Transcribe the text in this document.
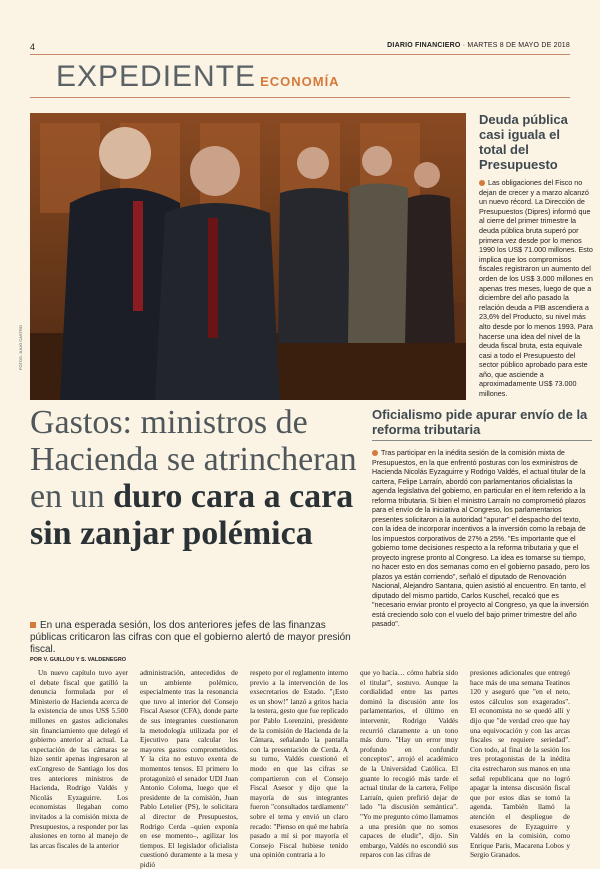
4	DIARIO FINANCIERO · MARTES 8 DE MAYO DE 2018
EXPEDIENTE ECONOMÍA
FOTOS: JULIO CASTRO
Deuda pública casi iguala el total del Presupuesto
Las obligaciones del Fisco no dejan de crecer y a marzo alcanzó un nuevo récord. La Dirección de Presupuestos (Dipres) informó que al cierre del primer trimestre la deuda pública bruta superó por primera vez desde por lo menos 1990 los US$ 71.000 millones. Esto implica que los compromisos fiscales registraron un aumento del orden de los US$ 3.000 millones en apenas tres meses, luego de que a diciembre del año pasado la relación deuda a PIB ascendiera a 23,6% del Producto, su nivel más alto desde por lo menos 1993. Para hacerse una idea del nivel de la deuda fiscal bruta, esta equivale casi a todo el Presupuesto del sector público aprobado para este año, que asciende a aproximadamente US$ 73.000 millones.
Gastos: ministros de Hacienda se atrincheran en un duro cara a cara sin zanjar polémica
Oficialismo pide apurar envío de la reforma tributaria
Tras participar en la inédita sesión de la comisión mixta de Presupuestos, en la que enfrentó posturas con los exministros de Hacienda Nicolás Eyzaguirre y Rodrigo Valdés, el actual titular de la cartera, Felipe Larraín, abordó con parlamentarios oficialistas la agenda legislativa del gobierno, en particular en el ítem referido a la reforma tributaria. Si bien el ministro Larraín no comprometió plazos para el envío de la iniciativa al Congreso, los parlamentarios presentes solicitaron a la autoridad "apurar" el despacho del texto, con la idea de incorporar incentivos a la inversión como la rebaja de los impuestos corporativos de 27% a 25%. "Es importante que el gobierno tome decisiones respecto a la reforma tributaria y que el proyecto ingrese pronto al Congreso. La idea es tomarse su tiempo, no hacer esto en dos semanas como en el gobierno pasado, pero los plazos ya están corriendo", señaló el diputado de Renovación Nacional, Alejandro Santana, quien asistió al encuentro. En tanto, el diputado del mismo partido, Carlos Kuschel, recalcó que es "necesario enviar pronto el proyecto al Congreso, ya que la inversión está creciendo solo con el vuelo del bajo primer trimestre del año pasado".
En una esperada sesión, los dos anteriores jefes de las finanzas públicas criticaron las cifras con que el gobierno alertó de mayor presión fiscal.
POR V. GUILLOU Y S. VALDENEGRO

Un nuevo capítulo tuvo ayer el debate fiscal que gatilló la denuncia formulada por el Ministerio de Hacienda acerca de la existencia de unos US$ 5.500 millones en gastos adicionales sin financiamiento que delegó el gobierno anterior al actual. La expectación de las cámaras se hizo sentir apenas ingresaron al exCongreso de Santiago los dos tres anteriores ministros de Hacienda, Rodrigo Valdés y Nicolás Eyzaguirre. Los economistas llegaban como invitados a la comisión mixta de Presupuestos, a responder por las alusiones en torno al manejo de las arcas fiscales de la anterior

administración, antecedidos de un ambiente polémico, especialmente tras la resonancia que tuvo al interior del Consejo Fiscal Asesor (CFA), donde parte de sus integrantes cuestionaron la metodología utilizada por el Ejecutivo para calcular los mayores gastos comprometidos. Y la cita no estuvo exenta de momentos tensos. El primero lo protagonizó el senador UDI Juan Antonio Coloma, luego que el presidente de la comisión, Juan Pablo Letelier (PS), le solicitara al director de Presupuestos, Rodrigo Cerda –quien exponía en ese momento–, agilizar los tiempos. El legislador oficialista cuestionó duramente a la mesa y pidió

respeto por el reglamento interno previo a la intervención de los exsecretarios de Estado. "¡Esto es un show!" lanzó a gritos hacia la testera, gesto que fue replicado por Pablo Lorenzini, presidente de la comisión de Hacienda de la Cámara, señalando la pantalla con la presentación de Cerda. A su turno, Valdés cuestionó el modo en que las cifras se compartieron con el Consejo Fiscal Asesor y dijo que la mayoría de sus integrantes fueron "consultados tardíamente" sobre el tema y envió un claro recado: "Pienso en qué me habría pasado a mí si por mayoría el Consejo Fiscal hubiese tenido una opinión contraria a lo

que yo hacía… cómo habría sido el titular", sostuvo. Aunque la cordialidad entre las partes dominó la discusión ante los parlamentarios, el último en intervenir, Rodrigo Valdés recurrió claramente a un tono más duro. "Hay un error muy profundo en confundir conceptos", arrojó el académico de la Universidad Católica. El guante lo recogió más tarde el actual titular de la cartera, Felipe Larraín, quien prefirió dejar de lado "la discusión semántica". "Yo me pregunto cómo llamamos a una presión que no somos capaces de eludir", dijo. Sin embargo, Valdés no escondió sus reparos con las cifras de

presiones adicionales que entregó hace más de una semana Teatinos 120 y aseguró que "en el neto, estos cálculos son exagerados". El economista no se quedó allí y dijo que "de verdad creo que hay una equivocación y con las arcas fiscales se requiere seriedad". Con todo, al final de la sesión los tres protagonistas de la inédita cita estrecharon sus manos en una señal republicana que no logró apagar la intensa discusión fiscal que por estos días se tomó la agenda. También llamó la atención el despliegue de exasesores de Eyzaguirre y Valdés en la comisión, como Enrique Paris, Macarena Lobos y Sergio Granados.
